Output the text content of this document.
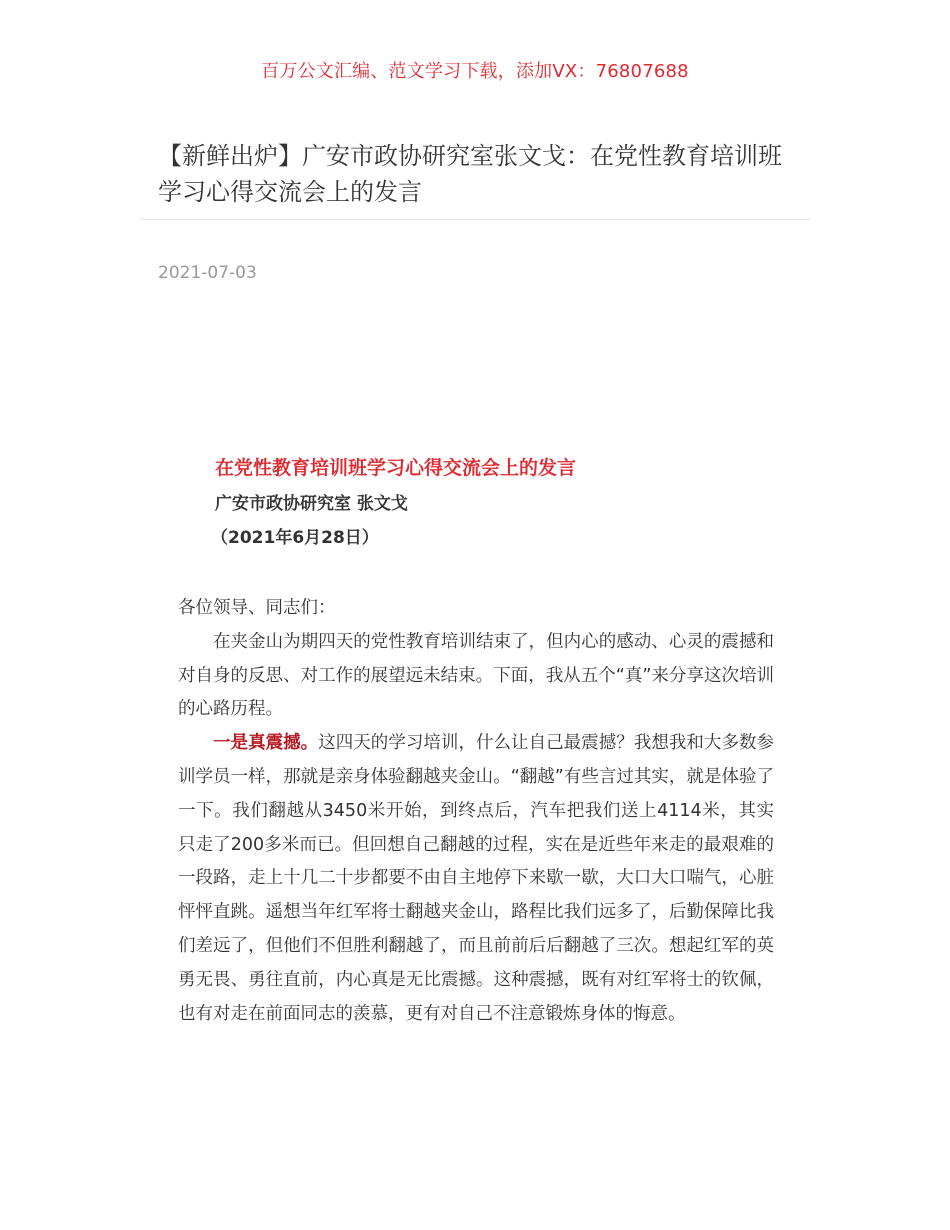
百万公文汇编、范文学习下载，添加VX：76807688
【新鲜出炉】广安市政协研究室张文戈：在党性教育培训班学习心得交流会上的发言
2021-07-03
在党性教育培训班学习心得交流会上的发言
广安市政协研究室 张文戈
（2021年6月28日）

各位领导、同志们：

在夹金山为期四天的党性教育培训结束了，但内心的感动、心灵的震撼和对自身的反思、对工作的展望远未结束。下面，我从五个“真”来分享这次培训的心路历程。

一是真震撼。这四天的学习培训，什么让自己最震撼？我想我和大多数参训学员一样，那就是亲身体验翻越夹金山。“翻越”有些言过其实，就是体验了一下。我们翻越从3450米开始，到终点后，汽车把我们送上4114米，其实只走了200多米而已。但回想自己翻越的过程，实在是近些年来走的最艰难的一段路，走上十几二十步都要不由自主地停下来歇一歇，大口大口喘气，心脏怦怦直跳。遥想当年红军将士翻越夹金山，路程比我们远多了，后勤保障比我们差远了，但他们不但胜利翻越了，而且前前后后翻越了三次。想起红军的英勇无畏、勇往直前，内心真是无比震撼。这种震撼，既有对红军将士的钦佩，也有对走在前面同志的羡慕，更有对自己不注意锻炼身体的悔意。
